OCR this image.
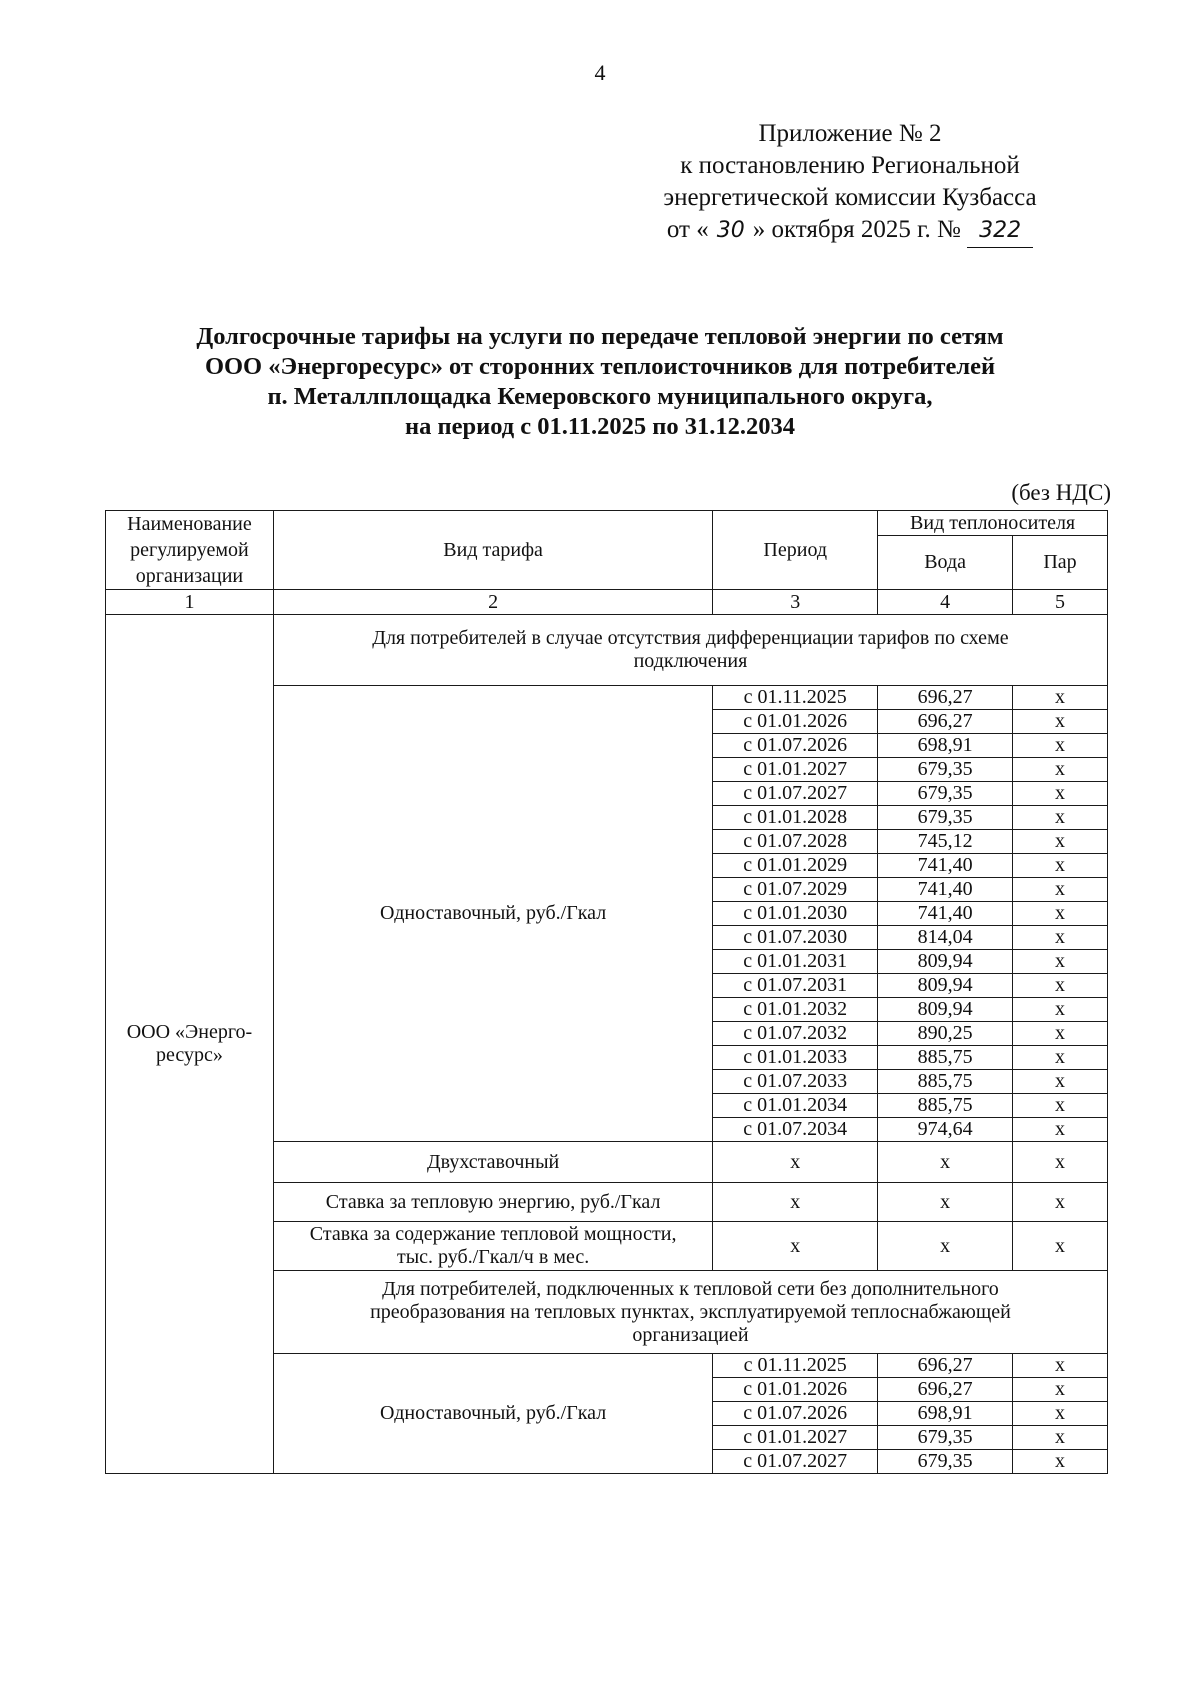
4
Приложение № 2
к постановлению Региональной
энергетической комиссии Кузбасса
от « 30 » октября 2025 г. № 322
Долгосрочные тарифы на услуги по передаче тепловой энергии по сетям
ООО «Энергоресурс» от сторонних теплоисточников для потребителей
п. Металлплощадка Кемеровского муниципального округа,
на период с 01.11.2025 по 31.12.2034
(без НДС)
Наименование регулируемой организации	Вид тарифа	Период	Вид теплоносителя	
			Вода	Пар
1	2	3	4	5
ООО «Энерго-
ресурс»	Для потребителей в случае отсутствия дифференциации тарифов по схеме подключения			
	Одноставочный, руб./Гкал	с 01.11.2025	696,27	х
		с 01.01.2026	696,27	х
		с 01.07.2026	698,91	х
		с 01.01.2027	679,35	х
		с 01.07.2027	679,35	х
		с 01.01.2028	679,35	х
		с 01.07.2028	745,12	х
		с 01.01.2029	741,40	х
		с 01.07.2029	741,40	х
		с 01.01.2030	741,40	х
		с 01.07.2030	814,04	х
		с 01.01.2031	809,94	х
		с 01.07.2031	809,94	х
		с 01.01.2032	809,94	х
		с 01.07.2032	890,25	х
		с 01.01.2033	885,75	х
		с 01.07.2033	885,75	х
		с 01.01.2034	885,75	х
		с 01.07.2034	974,64	х
	Двухставочный	х	х	х
	Ставка за тепловую энергию, руб./Гкал	х	х	х
	Ставка за содержание тепловой мощности,
тыс. руб./Гкал/ч в мес.	х	х	х
	Для потребителей, подключенных к тепловой сети без дополнительного
преобразования на тепловых пунктах, эксплуатируемой теплоснабжающей
организацией			
	Одноставочный, руб./Гкал	с 01.11.2025	696,27	х
		с 01.01.2026	696,27	х
		с 01.07.2026	698,91	х
		с 01.01.2027	679,35	х
		с 01.07.2027	679,35	х
